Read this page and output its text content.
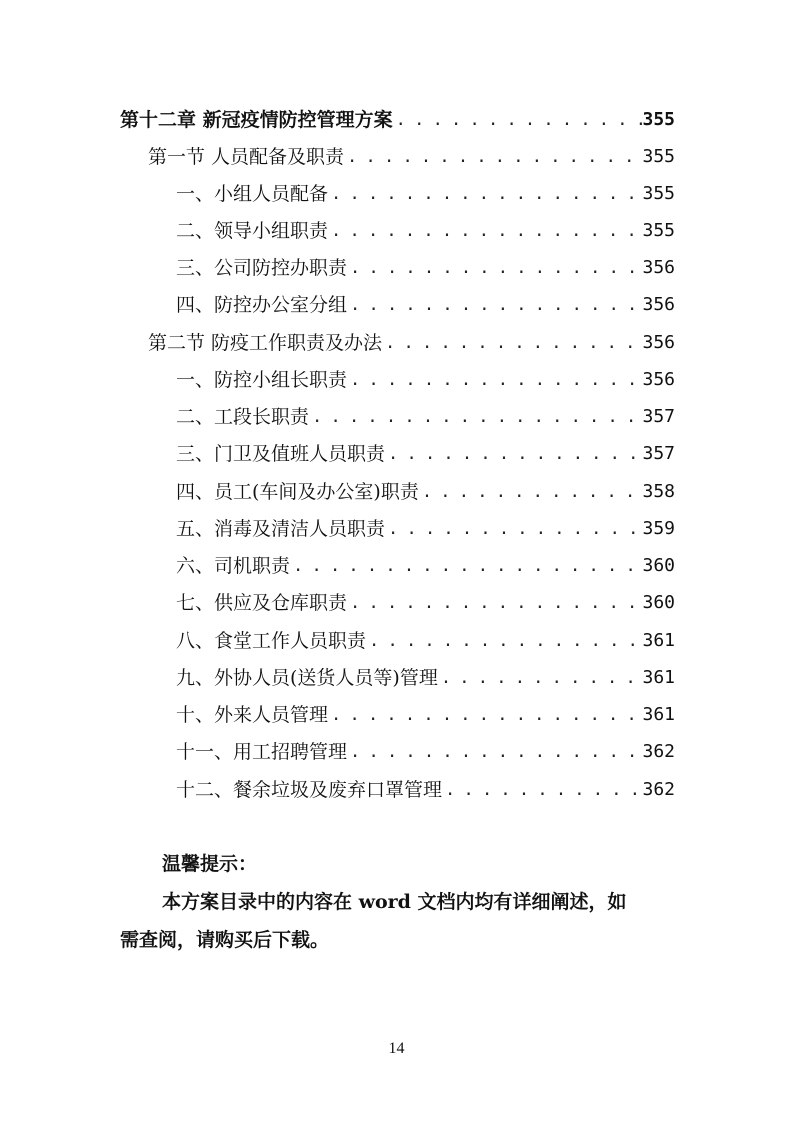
第十二章 新冠疫情防控管理方案 . . .	355
第一节 人员配备及职责 . . .	355
一、小组人员配备 . . .	355
二、领导小组职责 . . .	355
三、公司防控办职责 . . .	356
四、防控办公室分组 . . .	356
第二节 防疫工作职责及办法 . . .	356
一、防控小组长职责 . . .	356
二、工段长职责 . . .	357
三、门卫及值班人员职责 . . .	357
四、员工(车间及办公室)职责 . . .	358
五、消毒及清洁人员职责 . . .	359
六、司机职责 . . .	360
七、供应及仓库职责 . . .	360
八、食堂工作人员职责 . . .	361
九、外协人员(送货人员等)管理 . . .	361
十、外来人员管理 . . .	361
十一、用工招聘管理 . . .	362
十二、餐余垃圾及废弃口罩管理 . . .	362

温馨提示：

本方案目录中的内容在 word 文档内均有详细阐述，如

需查阅，请购买后下载。

14
